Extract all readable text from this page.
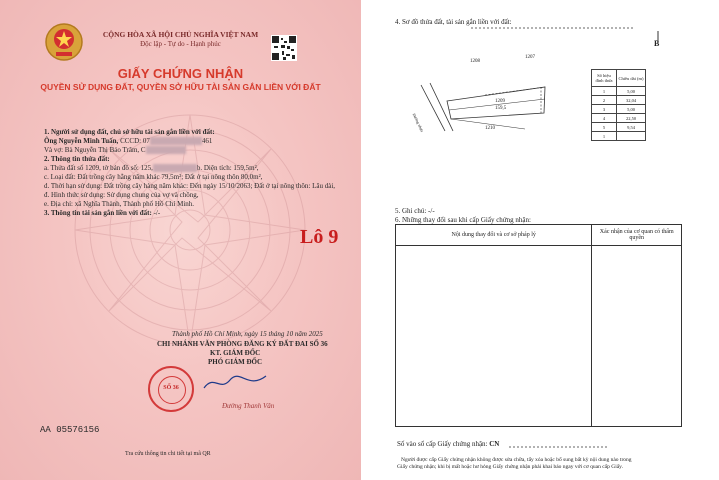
CỘNG HÒA XÃ HỘI CHỦ NGHĨA VIỆT NAM
Độc lập - Tự do - Hạnh phúc
GIẤY CHỨNG NHẬN
QUYỀN SỬ DỤNG ĐẤT, QUYỀN SỞ HỮU TÀI SẢN GẮN LIỀN VỚI ĐẤT
1. Người sử dụng đất, chủ sở hữu tài sản gắn liền với đất:
Ông Nguyễn Minh Tuấn, CCCD: 07	461
Và vợ: Bà Nguyễn Thị Bảo Trâm, C
2. Thông tin thửa đất:
a. Thửa đất số 1209, tờ bản đồ số: 125,	b. Diện tích: 159,5m²,
c. Loại đất: Đất trồng cây hằng năm khác 79,5m²; Đất ở tại nông thôn 80,0m²,
d. Thời hạn sử dụng: Đất trồng cây hàng năm khác: Đến ngày 15/10/2063; Đất ở tại nông thôn: Lâu dài,
đ. Hình thức sử dụng: Sử dụng chung của vợ và chồng,
e. Địa chỉ: xã Nghĩa Thành, Thành phố Hồ Chí Minh.
3. Thông tin tài sản gắn liền với đất: -/-
Lô 9
Thành phố Hồ Chí Minh, ngày 15 tháng 10 năm 2025
CHI NHÁNH VĂN PHÒNG ĐĂNG KÝ ĐẤT ĐAI SỐ 36
KT. GIÁM ĐỐC
PHÓ GIÁM ĐỐC
SỐ 36
Đường Thanh Vân
AA 05576156
Tra cứu thông tin chi tiết tại mã QR
4. Sơ đồ thửa đất, tài sản gắn liền với đất:
B
1208
1207
1209
159,5
1210
Đường nhựa
Số hiệu đỉnh thửa	Chiều dài (m)
1	5,00
2	32,04
3	5,00
4	22,50
5	9,54
1	
5. Ghi chú: -/-
6. Những thay đổi sau khi cấp Giấy chứng nhận:
Nội dung thay đổi và cơ sở pháp lý	Xác nhận của cơ quan có thẩm quyền

Số vào sổ cấp Giấy chứng nhận: CN
Người được cấp Giấy chứng nhận không được sửa chữa, tẩy xóa hoặc bổ sung bất kỳ nội dung nào trong
Giấy chứng nhận; khi bị mất hoặc hư hỏng Giấy chứng nhận phải khai báo ngay với cơ quan cấp Giấy.
